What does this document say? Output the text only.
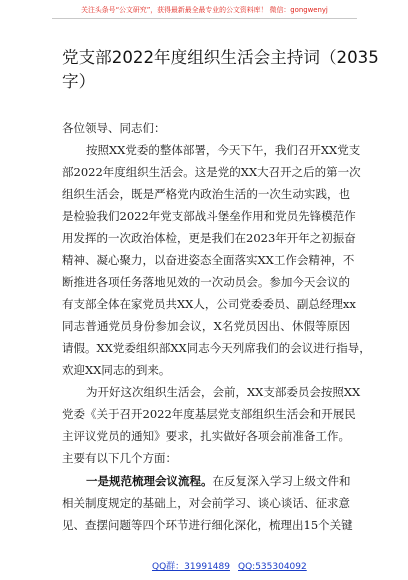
关注头条号“公文研究”，获得最新最全最专业的公文资料库！ 微信：gongwenyj
党支部2022年度组织生活会主持词（2035
字）
各位领导、同志们：
按照XX党委的整体部署，今天下午，我们召开XX党支
部2022年度组织生活会。这是党的XX大召开之后的第一次
组织生活会，既是严格党内政治生活的一次生动实践，也
是检验我们2022年党支部战斗堡垒作用和党员先锋模范作
用发挥的一次政治体检，更是我们在2023年开年之初振奋
精神、凝心聚力，以奋进姿态全面落实XX工作会精神，不
断推进各项任务落地见效的一次动员会。参加今天会议的
有支部全体在家党员共XX人，公司党委委员、副总经理xx
同志普通党员身份参加会议，X名党员因出、休假等原因
请假。XX党委组织部XX同志今天列席我们的会议进行指导，
欢迎XX同志的到来。
为开好这次组织生活会，会前，XX支部委员会按照XX
党委《关于召开2022年度基层党支部组织生活会和开展民
主评议党员的通知》要求，扎实做好各项会前准备工作。
主要有以下几个方面：
一是规范梳理会议流程。在反复深入学习上级文件和
相关制度规定的基础上，对会前学习、谈心谈话、征求意
见、查摆问题等四个环节进行细化深化，梳理出15个关键
QQ群：31991489 QQ:535304092
